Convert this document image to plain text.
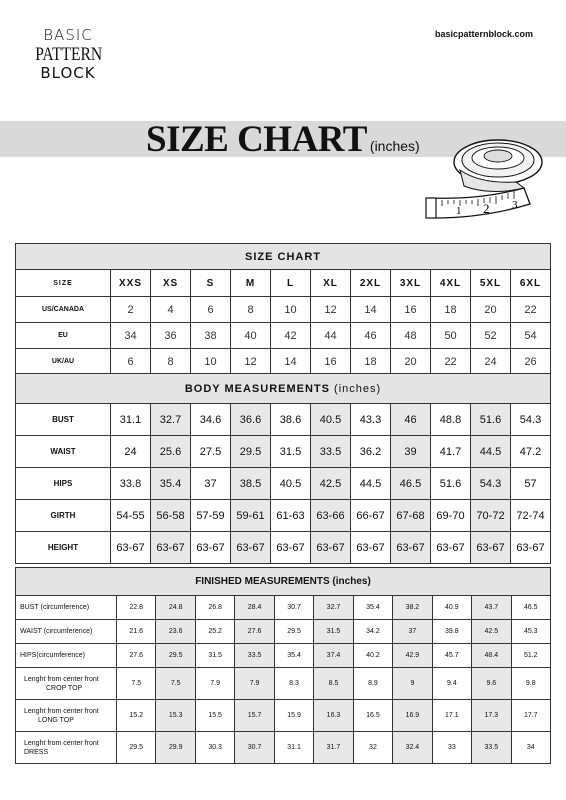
BASIC
PATTERN
BLOCK
basicpatternblock.com
SIZE CHART (inches)
1 2 3
SIZE CHART											
SIZE	XXS	XS	S	M	L	XL	2XL	3XL	4XL	5XL	6XL
US/CANADA	2	4	6	8	10	12	14	16	18	20	22
EU	34	36	38	40	42	44	46	48	50	52	54
UK/AU	6	8	10	12	14	16	18	20	22	24	26
BODY MEASUREMENTS (inches)											
BUST	31.1	32.7	34.6	36.6	38.6	40.5	43.3	46	48.8	51.6	54.3
WAIST	24	25.6	27.5	29.5	31.5	33.5	36.2	39	41.7	44.5	47.2
HIPS	33.8	35.4	37	38.5	40.5	42.5	44.5	46.5	51.6	54.3	57
GIRTH	54-55	56-58	57-59	59-61	61-63	63-66	66-67	67-68	69-70	70-72	72-74
HEIGHT	63-67	63-67	63-67	63-67	63-67	63-67	63-67	63-67	63-67	63-67	63-67
FINISHED MEASUREMENTS (inches)											
BUST (circumference)	22.8	24.8	26.8	28.4	30.7	32.7	35.4	38.2	40.9	43.7	46.5
WAIST (circumference)	21.6	23.6	25.2	27.6	29.5	31.5	34.2	37	39.8	42.5	45.3
HIPS(circumference)	27.6	29.5	31.5	33.5	35.4	37.4	40.2	42.9	45.7	48.4	51.2

Lenght from center front
CROP TOP	7.5	7.5	7.9	7.9	8.3	8.5	8.9	9	9.4	9.6	9.8

Lenght from center front
LONG TOP	15.2	15.3	15.5	15.7	15.9	16.3	16.5	16.9	17.1	17.3	17.7

Lenght from center front
DRESS	29.5	29.9	30.3	30.7	31.1	31.7	32	32.4	33	33.5	34
